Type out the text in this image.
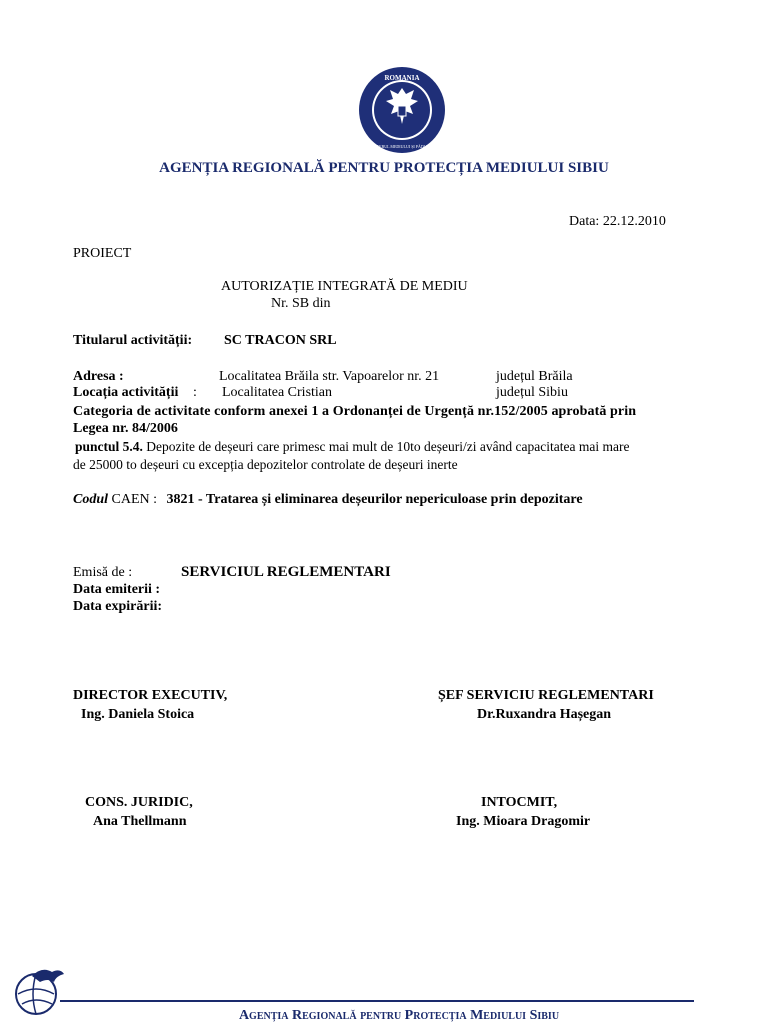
ROMANIA
MINISTERUL MEDIULUI ȘI PĂDURILOR
AGENȚIA REGIONALĂ PENTRU PROTECȚIA MEDIULUI SIBIU
Data: 22.12.2010
PROIECT
AUTORIZAȚIE INTEGRATĂ DE MEDIU
Nr. SB din
Titularul activității: SC TRACON SRL
Adresa :	Localitatea Brăila str. Vapoarelor nr. 21	județul Brăila
Locația activității : Localitatea Cristian	județul Sibiu
Categoria de activitate conform anexei 1 a Ordonanței de Urgență nr.152/2005 aprobată prin
Legea nr. 84/2006
punctul 5.4. Depozite de deșeuri care primesc mai mult de 10to deșeuri/zi având capacitatea mai mare
de 25000 to deșeuri cu excepția depozitelor controlate de deșeuri inerte
Codul CAEN : 3821 - Tratarea și eliminarea deșeurilor nepericuloase prin depozitare
Emisă de :	SERVICIUL REGLEMENTARI
Data emiterii :
Data expirării:
DIRECTOR EXECUTIV,
Ing. Daniela Stoica
ȘEF SERVICIU REGLEMENTARI
Dr.Ruxandra Hașegan
CONS. JURIDIC,
Ana Thellmann
INTOCMIT,
Ing. Mioara Dragomir
Agenția Regională pentru Protecția Mediului Sibiu
